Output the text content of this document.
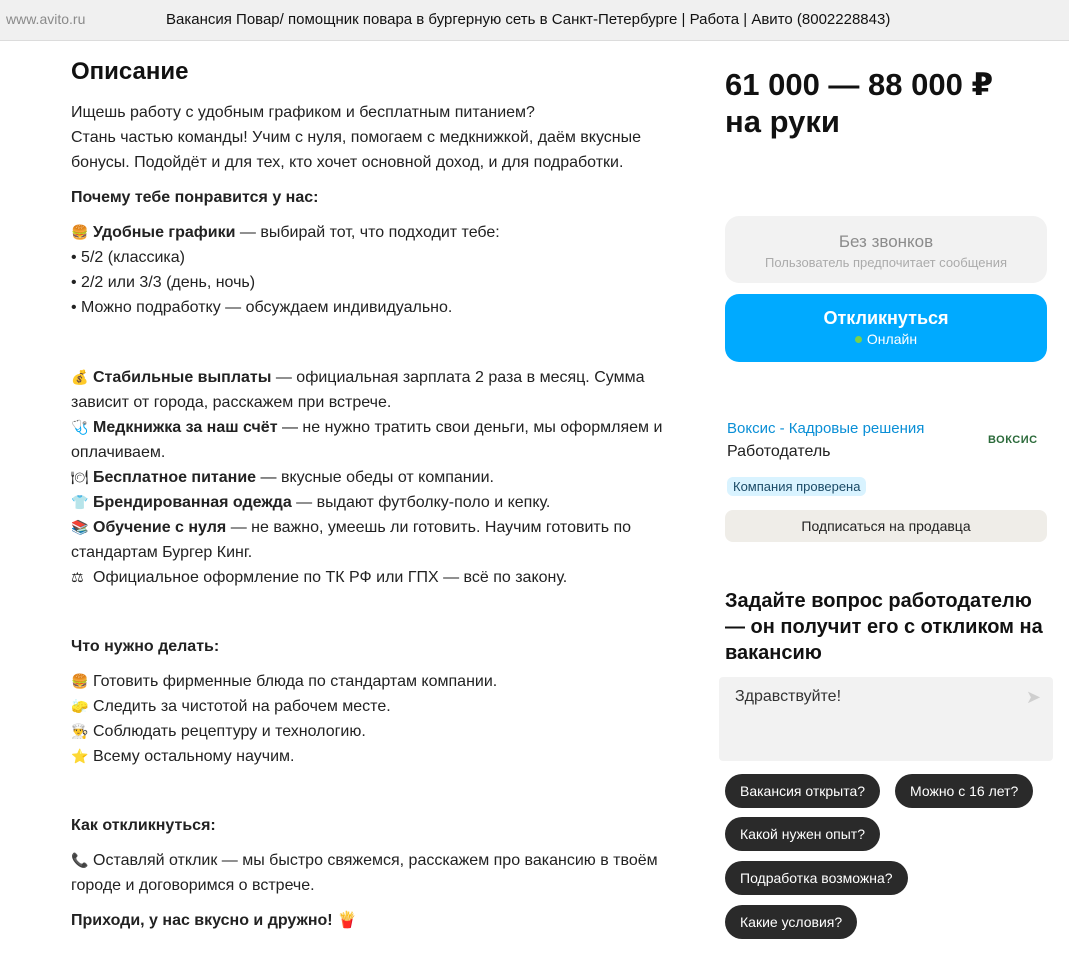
www.avito.ru	Вакансия Повар/ помощник повара в бургерную сеть в Санкт-Петербурге | Работа | Авито (8002228843)
Описание
Ищешь работу с удобным графиком и бесплатным питанием?
Стань частью команды! Учим с нуля, помогаем с медкнижкой, даём вкусные
бонусы. Подойдёт и для тех, кто хочет основной доход, и для подработки.
Почему тебе понравится у нас:
🍔 Удобные графики — выбирай тот, что подходит тебе:
• 5/2 (классика)
• 2/2 или 3/3 (день, ночь)
• Можно подработку — обсуждаем индивидуально.
💰 Стабильные выплаты — официальная зарплата 2 раза в месяц. Сумма
зависит от города, расскажем при встрече.
🩺 Медкнижка за наш счёт — не нужно тратить свои деньги, мы оформляем и
оплачиваем.
🍽 Бесплатное питание — вкусные обеды от компании.
👕 Брендированная одежда — выдают футболку-поло и кепку.
📚 Обучение с нуля — не важно, умеешь ли готовить. Научим готовить по
стандартам Бургер Кинг.
⚖ Официальное оформление по ТК РФ или ГПХ — всё по закону.
Что нужно делать:
🍔 Готовить фирменные блюда по стандартам компании.
🧽 Следить за чистотой на рабочем месте.
👨‍🍳 Соблюдать рецептуру и технологию.
⭐ Всему остальному научим.
Как откликнуться:
📞 Оставляй отклик — мы быстро свяжемся, расскажем про вакансию в твоём
городе и договоримся о встрече.
Приходи, у нас вкусно и дружно! 🍟
61 000 — 88 000 ₽
на руки
Без звонков
Пользователь предпочитает сообщения
Откликнуться
Онлайн
Воксис - Кадровые решения
Работодатель
ВОКСИС
Компания проверена
Подписаться на продавца
Задайте вопрос работодателю — он получит его с откликом на вакансию
Здравствуйте!	➤
Вакансия открыта?	Можно с 16 лет?
Какой нужен опыт?
Подработка возможна?
Какие условия?
